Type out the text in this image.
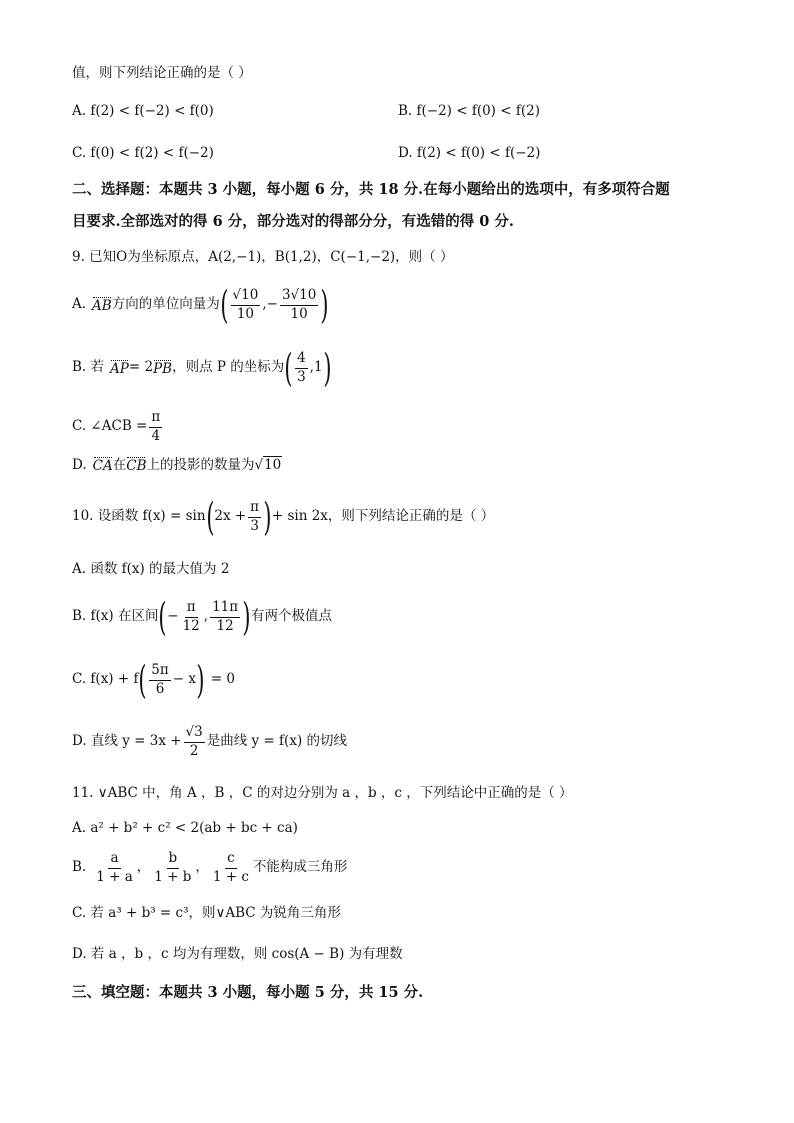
值，则下列结论正确的是（ ）
A. f(2) < f(−2) < f(0)	B. f(−2) < f(0) < f(2)
C. f(0) < f(2) < f(−2)	D. f(2) < f(0) < f(−2)
二、选择题：本题共 3 小题，每小题 6 分，共 18 分.在每小题给出的选项中，有多项符合题
目要求.全部选对的得 6 分，部分选对的得部分分，有选错的得 0 分.
9. 已知O为坐标原点，A(2,−1)，B(1,2)，C(−1,−2)，则（ ）
A. AB 方向的单位向量为 ( $\frac{√10}{10}$ ,− $\frac{3√10}{10}$ )
B. 若 AP = 2 PB ，则点 P 的坐标为 ( $\frac{4}{3} ,1$ )
C. ∠ACB = $\frac{\pi}{4}$
D. CA 在 CB 上的投影的数量为 √10
10. 设函数 f(x) = sin ( $2x + \frac{\pi}{3}$ ) + sin 2x，则下列结论正确的是（ ）
A. 函数 f(x) 的最大值为 2
B. f(x) 在区间 ( − $\frac{\pi}{12}$ , $\frac{11\pi}{12}$ ) 有两个极值点
C. f(x) + f ( $\frac{5\pi}{6} - x$ ) = 0
D. 直线 $y = 3x + \frac{√3}{2}$ 是曲线 y = f(x) 的切线
11. ∨ABC 中，角 A ，B ，C 的对边分别为 a ，b ，c ，下列结论中正确的是（ ）
A. a² + b² + c² < 2(ab + bc + ca)
B. $\frac{a}{1 + a}$ ， $\frac{b}{1 + b}$ ， $\frac{c}{1 + c}$ 不能构成三角形
C. 若 a³ + b³ = c³，则∨ABC 为锐角三角形
D. 若 a ，b ，c 均为有理数，则 cos(A − B) 为有理数
三、填空题：本题共 3 小题，每小题 5 分，共 15 分.
